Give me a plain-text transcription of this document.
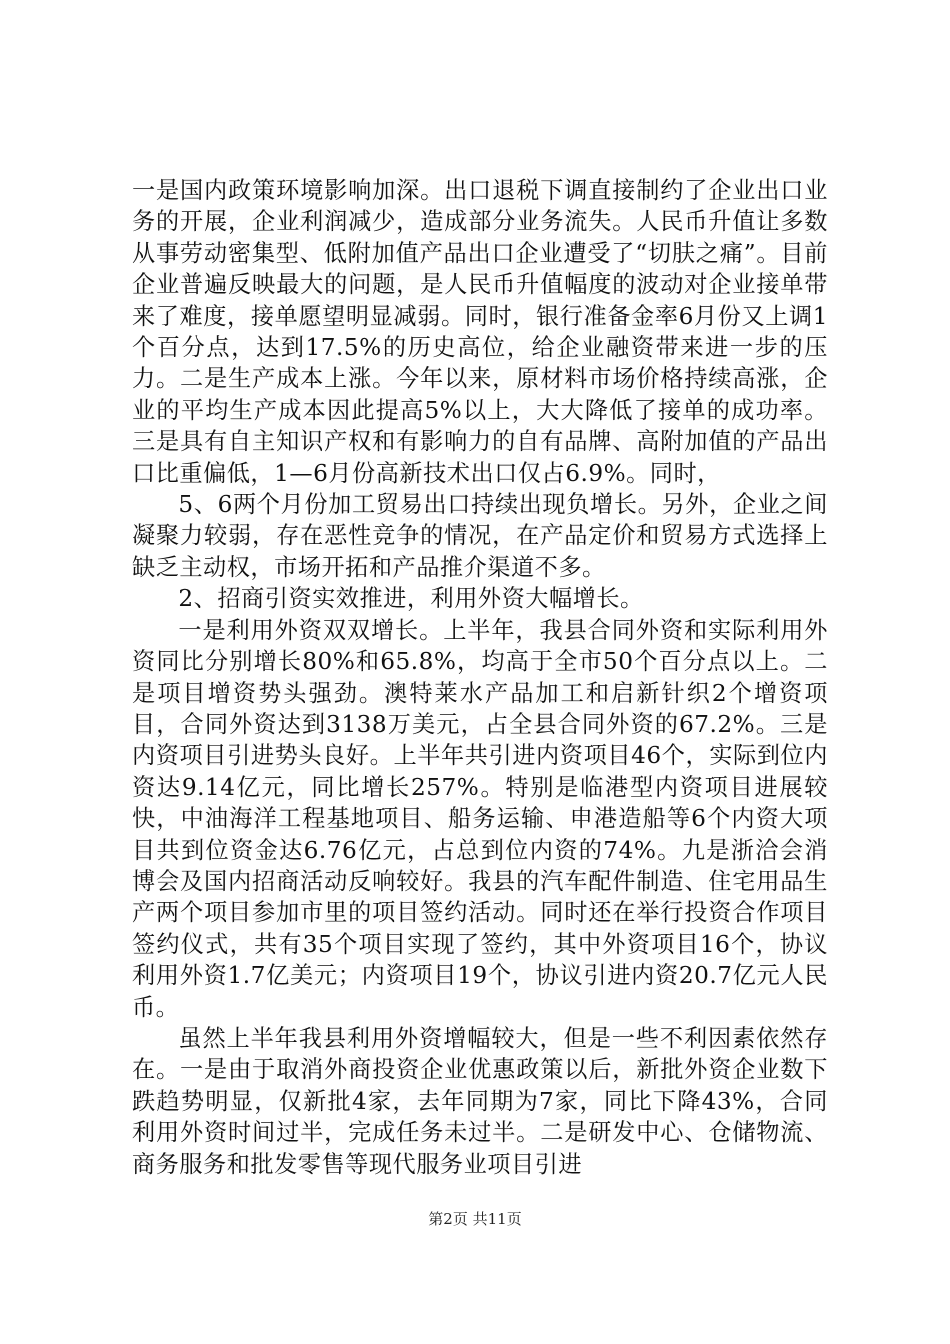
一是国内政策环境影响加深。出口退税下调直接制约了企业出口业务的开展，企业利润减少，造成部分业务流失。人民币升值让多数从事劳动密集型、低附加值产品出口企业遭受了“切肤之痛”。目前企业普遍反映最大的问题，是人民币升值幅度的波动对企业接单带来了难度，接单愿望明显减弱。同时，银行准备金率6月份又上调1个百分点，达到17.5%的历史高位，给企业融资带来进一步的压力。二是生产成本上涨。今年以来，原材料市场价格持续高涨，企业的平均生产成本因此提高5%以上，大大降低了接单的成功率。三是具有自主知识产权和有影响力的自有品牌、高附加值的产品出口比重偏低，1—6月份高新技术出口仅占6.9%。同时，

5、6两个月份加工贸易出口持续出现负增长。另外，企业之间凝聚力较弱，存在恶性竞争的情况，在产品定价和贸易方式选择上缺乏主动权，市场开拓和产品推介渠道不多。

2、招商引资实效推进，利用外资大幅增长。

一是利用外资双双增长。上半年，我县合同外资和实际利用外资同比分别增长80%和65.8%，均高于全市50个百分点以上。二是项目增资势头强劲。澳特莱水产品加工和启新针织2个增资项目，合同外资达到3138万美元，占全县合同外资的67.2%。三是内资项目引进势头良好。上半年共引进内资项目46个，实际到位内资达9.14亿元，同比增长257%。特别是临港型内资项目进展较快，中油海洋工程基地项目、船务运输、申港造船等6个内资大项目共到位资金达6.76亿元，占总到位内资的74%。九是浙洽会消博会及国内招商活动反响较好。我县的汽车配件制造、住宅用品生产两个项目参加市里的项目签约活动。同时还在举行投资合作项目签约仪式，共有35个项目实现了签约，其中外资项目16个，协议利用外资1.7亿美元；内资项目19个，协议引进内资20.7亿元人民币。

虽然上半年我县利用外资增幅较大，但是一些不利因素依然存在。一是由于取消外商投资企业优惠政策以后，新批外资企业数下跌趋势明显，仅新批4家，去年同期为7家，同比下降43%，合同利用外资时间过半，完成任务未过半。二是研发中心、仓储物流、商务服务和批发零售等现代服务业项目引进

第2页 共11页
